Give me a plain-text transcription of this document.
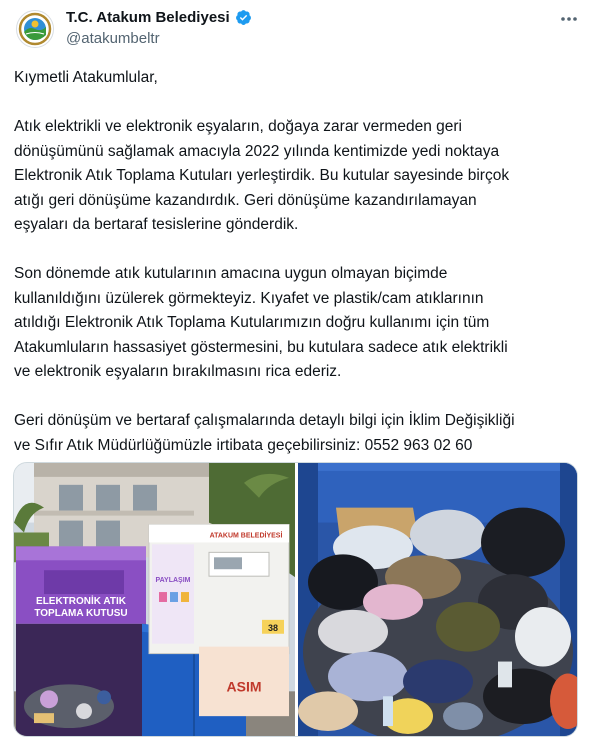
T.C. Atakum Belediyesi
@atakumbeltr

Kıymetli Atakumlular,

Atık elektrikli ve elektronik eşyaların, doğaya zarar vermeden geri

dönüşümünü sağlamak amacıyla 2022 yılında kentimizde yedi noktaya

Elektronik Atık Toplama Kutuları yerleştirdik. Bu kutular sayesinde birçok

atığı geri dönüşüme kazandırdık. Geri dönüşüme kazandırılamayan

eşyaları da bertaraf tesislerine gönderdik.

Son dönemde atık kutularının amacına uygun olmayan biçimde

kullanıldığını üzülerek görmekteyiz. Kıyafet ve plastik/cam atıklarının

atıldığı Elektronik Atık Toplama Kutularımızın doğru kullanımı için tüm

Atakumluların hassasiyet göstermesini, bu kutulara sadece atık elektrikli

ve elektronik eşyaların bırakılmasını rica ederiz.

Geri dönüşüm ve bertaraf çalışmalarında detaylı bilgi için İklim Değişikliği

ve Sıfır Atık Müdürlüğümüzle irtibata geçebilirsiniz: 0552 963 02 60

ELEKTRONİK ATIK
TOPLAMA KUTUSU
ATAKUM BELEDİYESİ
PAYLAŞIM
ASIM
38
